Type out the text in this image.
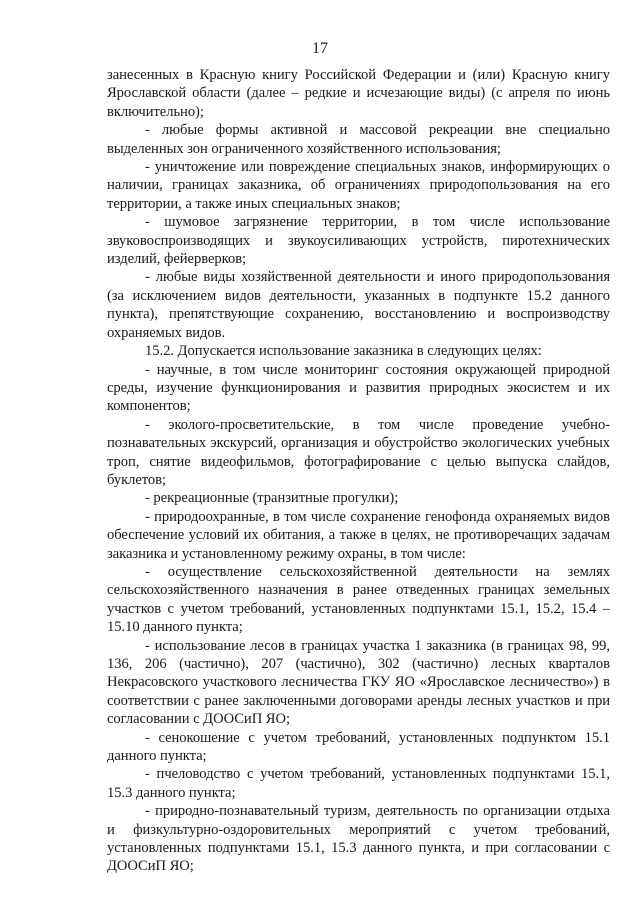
17

занесенных в Красную книгу Российской Федерации и (или) Красную книгу Ярославской области (далее – редкие и исчезающие виды) (с апреля по июнь включительно);

- любые формы активной и массовой рекреации вне специально выделенных зон ограниченного хозяйственного использования;

- уничтожение или повреждение специальных знаков, информирующих о наличии, границах заказника, об ограничениях природопользования на его территории, а также иных специальных знаков;

- шумовое загрязнение территории, в том числе использование звуковоспроизводящих и звукоусиливающих устройств, пиротехнических изделий, фейерверков;

- любые виды хозяйственной деятельности и иного природопользования (за исключением видов деятельности, указанных в подпункте 15.2 данного пункта), препятствующие сохранению, восстановлению и воспроизводству охраняемых видов.

15.2. Допускается использование заказника в следующих целях:

- научные, в том числе мониторинг состояния окружающей природной среды, изучение функционирования и развития природных экосистем и их компонентов;

- эколого-просветительские, в том числе проведение учебно-познавательных экскурсий, организация и обустройство экологических учебных троп, снятие видеофильмов, фотографирование с целью выпуска слайдов, буклетов;

- рекреационные (транзитные прогулки);

- природоохранные, в том числе сохранение генофонда охраняемых видов обеспечение условий их обитания, а также в целях, не противоречащих задачам заказника и установленному режиму охраны, в том числе:

- осуществление сельскохозяйственной деятельности на землях сельскохозяйственного назначения в ранее отведенных границах земельных участков с учетом требований, установленных подпунктами 15.1, 15.2, 15.4 – 15.10 данного пункта;

- использование лесов в границах участка 1 заказника (в границах 98, 99, 136, 206 (частично), 207 (частично), 302 (частично) лесных кварталов Некрасовского участкового лесничества ГКУ ЯО «Ярославское лесничество») в соответствии с ранее заключенными договорами аренды лесных участков и при согласовании с ДООСиП ЯО;

- сенокошение с учетом требований, установленных подпунктом 15.1 данного пункта;

- пчеловодство с учетом требований, установленных подпунктами 15.1, 15.3 данного пункта;

- природно-познавательный туризм, деятельность по организации отдыха и физкультурно-оздоровительных мероприятий с учетом требований, установленных подпунктами 15.1, 15.3 данного пункта, и при согласовании с ДООСиП ЯО;
